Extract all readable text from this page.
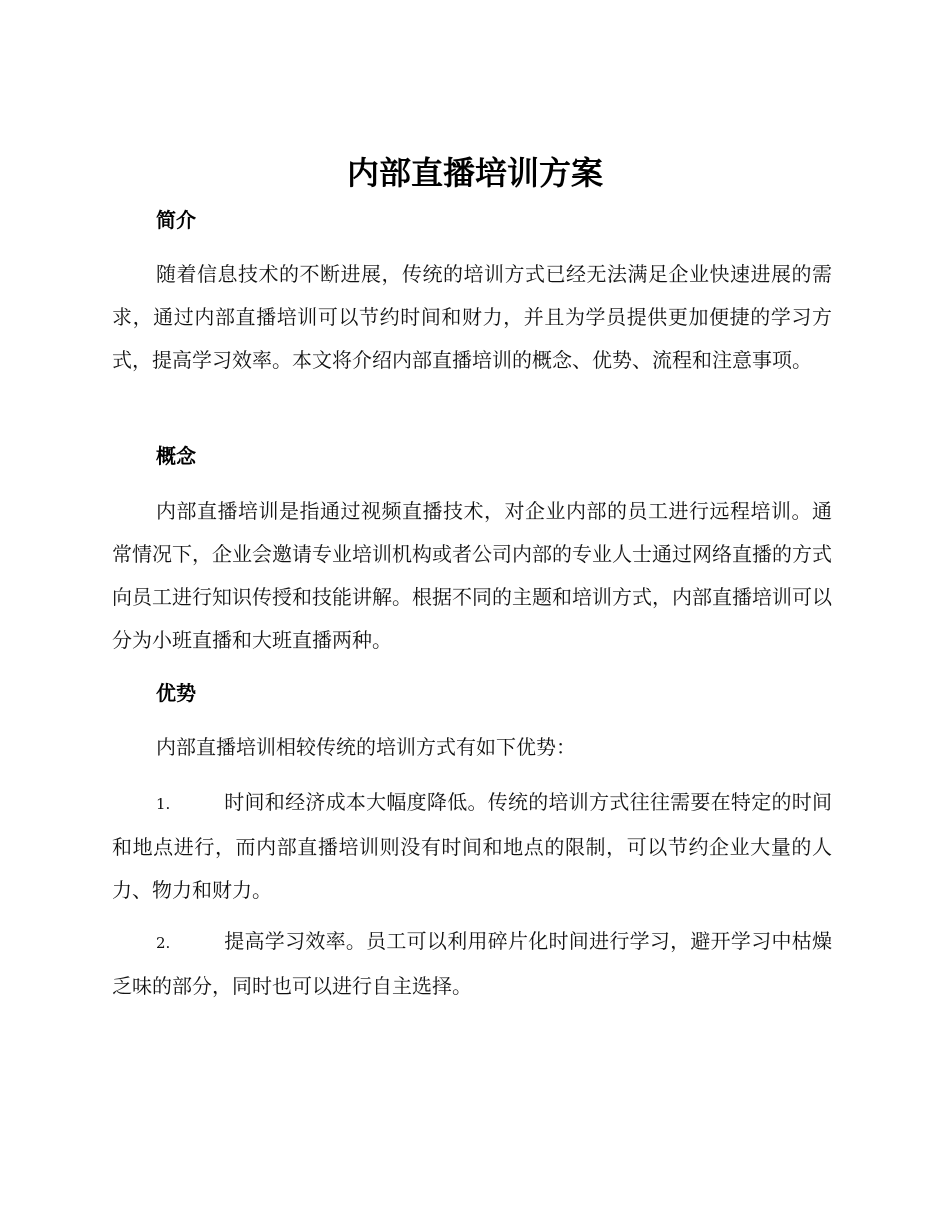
内部直播培训方案
简介

随着信息技术的不断进展，传统的培训方式已经无法满足企业快速进展的需求，通过内部直播培训可以节约时间和财力，并且为学员提供更加便捷的学习方式，提高学习效率。本文将介绍内部直播培训的概念、优势、流程和注意事项。

概念

内部直播培训是指通过视频直播技术，对企业内部的员工进行远程培训。通常情况下，企业会邀请专业培训机构或者公司内部的专业人士通过网络直播的方式向员工进行知识传授和技能讲解。根据不同的主题和培训方式，内部直播培训可以分为小班直播和大班直播两种。

优势

内部直播培训相较传统的培训方式有如下优势：

1.	时间和经济成本大幅度降低。传统的培训方式往往需要在特定的时间和地点进行，而内部直播培训则没有时间和地点的限制，可以节约企业大量的人力、物力和财力。

2.	提高学习效率。员工可以利用碎片化时间进行学习，避开学习中枯燥乏味的部分，同时也可以进行自主选择。
